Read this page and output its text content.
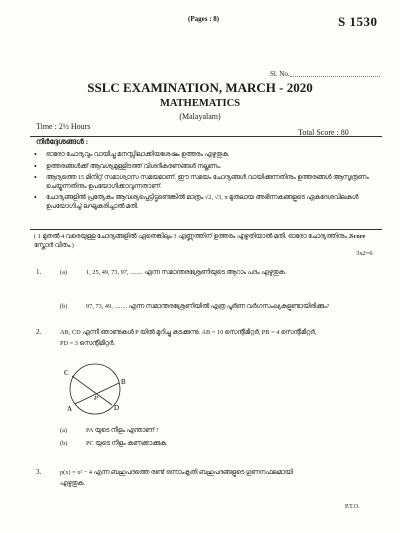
(Pages : 8)	S 1530
Sl. No.
SSLC EXAMINATION, MARCH - 2020
MATHEMATICS
(Malayalam)
Time : 2½ Hours
Total Score : 80
നിർദ്ദേശങ്ങൾ :
•	ഓരോ ചോദ്യവും വായിച്ചു മനസ്സിലാക്കിയശേഷം ഉത്തരം എഴുതുക.
•	ഉത്തരങ്ങൾക്ക് ആവശ്യമുള്ളിടത്ത് വിശദീകരണങ്ങൾ നല്കണം.
•	ആദ്യത്തെ 15 മിനിറ്റ് സമാശ്വാസ സമയമാണ്. ഈ സമയം ചോദ്യങ്ങൾ വായിക്കുന്നതിനും ഉത്തരങ്ങൾ ആസൂത്രണം ചെയ്യുന്നതിനും ഉപയോഗിക്കാവുന്നതാണ്.
•	ചോദ്യങ്ങളിൽ പ്രത്യേകം ആവശ്യപ്പെട്ടിട്ടുണ്ടെങ്കിൽ മാത്രം √2, √3, π മുതലായ അഭിന്നകങ്ങളുടെ ഏകദേശവിലകൾ ഉപയോഗിച്ച് ലഘൂകരിച്ചാൽ മതി.
( 1 മുതൽ 4 വരെയുള്ള ചോദ്യങ്ങളിൽ ഏതെങ്കിലും 3 എണ്ണത്തിന് ഉത്തരം എഴുതിയാൽ മതി. ഓരോ ചോദ്യത്തിനും 2 സ്കോർ വീതം.)
Score
3x2=6
1.	(a)	1, 25, 49, 73, 97, ........ എന്ന സമാന്തരശ്രേണിയുടെ ആറാം പദം എഴുതുക.
(b)	97, 73, 49, ........ എന്ന സമാന്തരശ്രേണിയിൽ എത്ര പൂർണ വർഗസംഖ്യകളുണ്ടായിരിക്കും?
2.	AB, CD എന്നീ ഞാണുകൾ P യിൽ മുറിച്ചു കടക്കുന്നു. AB = 10 സെന്റീമീറ്റർ, PB = 4 സെന്റീമീറ്റർ,
PD = 3 സെന്റീമീറ്റർ.
C
B
P
A	D
(a)	PA യുടെ നീളം എന്താണ് ?
(b)	PC യുടെ നീളം കണക്കാക്കുക.
3.	p(x) = x² − 4 എന്ന ബഹുപദത്തെ രണ്ട് ഒന്നാംകൃതി ബഹുപദങ്ങളുടെ ഗുണനഫലമായി
എഴുതുക.
P.T.O.
